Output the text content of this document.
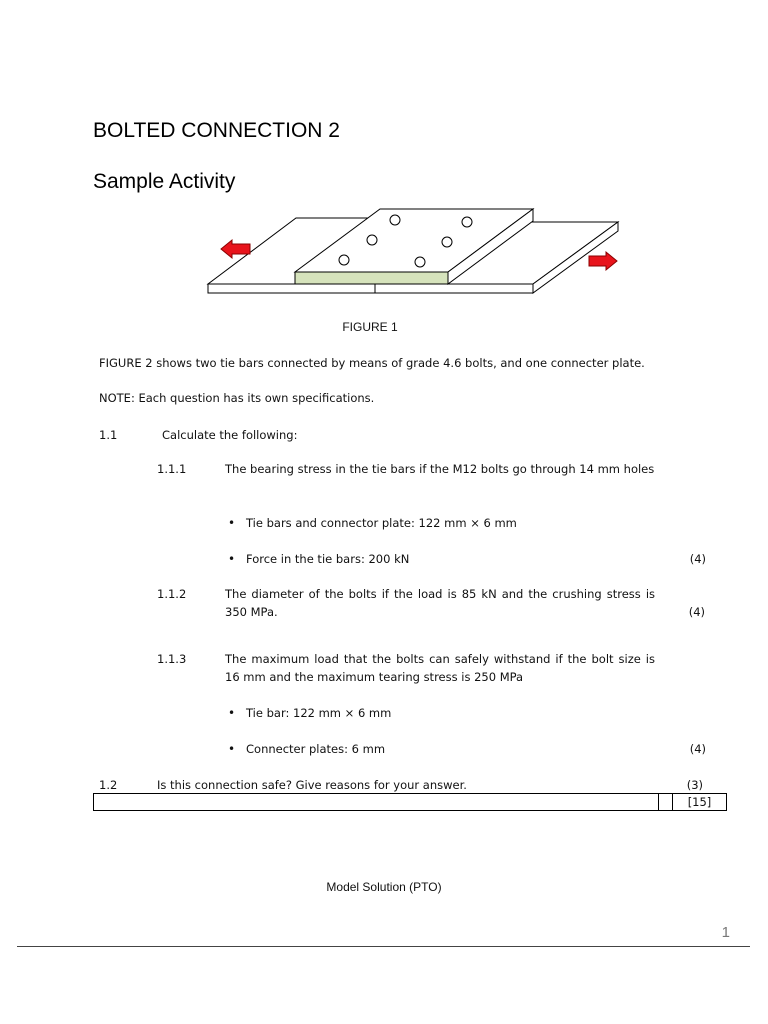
BOLTED CONNECTION 2
Sample Activity
FIGURE 1
FIGURE 2 shows two tie bars connected by means of grade 4.6 bolts, and one connecter plate.
NOTE: Each question has its own specifications.
1.1	Calculate the following:
1.1.1	The bearing stress in the tie bars if the M12 bolts go through 14 mm holes
• Tie bars and connector plate: 122 mm × 6 mm
• Force in the tie bars: 200 kN	(4)
1.1.2	The diameter of the bolts if the load is 85 kN and the crushing stress is 350 MPa.	(4)
1.1.3	The maximum load that the bolts can safely withstand if the bolt size is 16 mm and the maximum tearing stress is 250 MPa
• Tie bar: 122 mm × 6 mm
• Connecter plates: 6 mm	(4)
1.2	Is this connection safe? Give reasons for your answer.	(3)
[15]
Model Solution (PTO)
1
